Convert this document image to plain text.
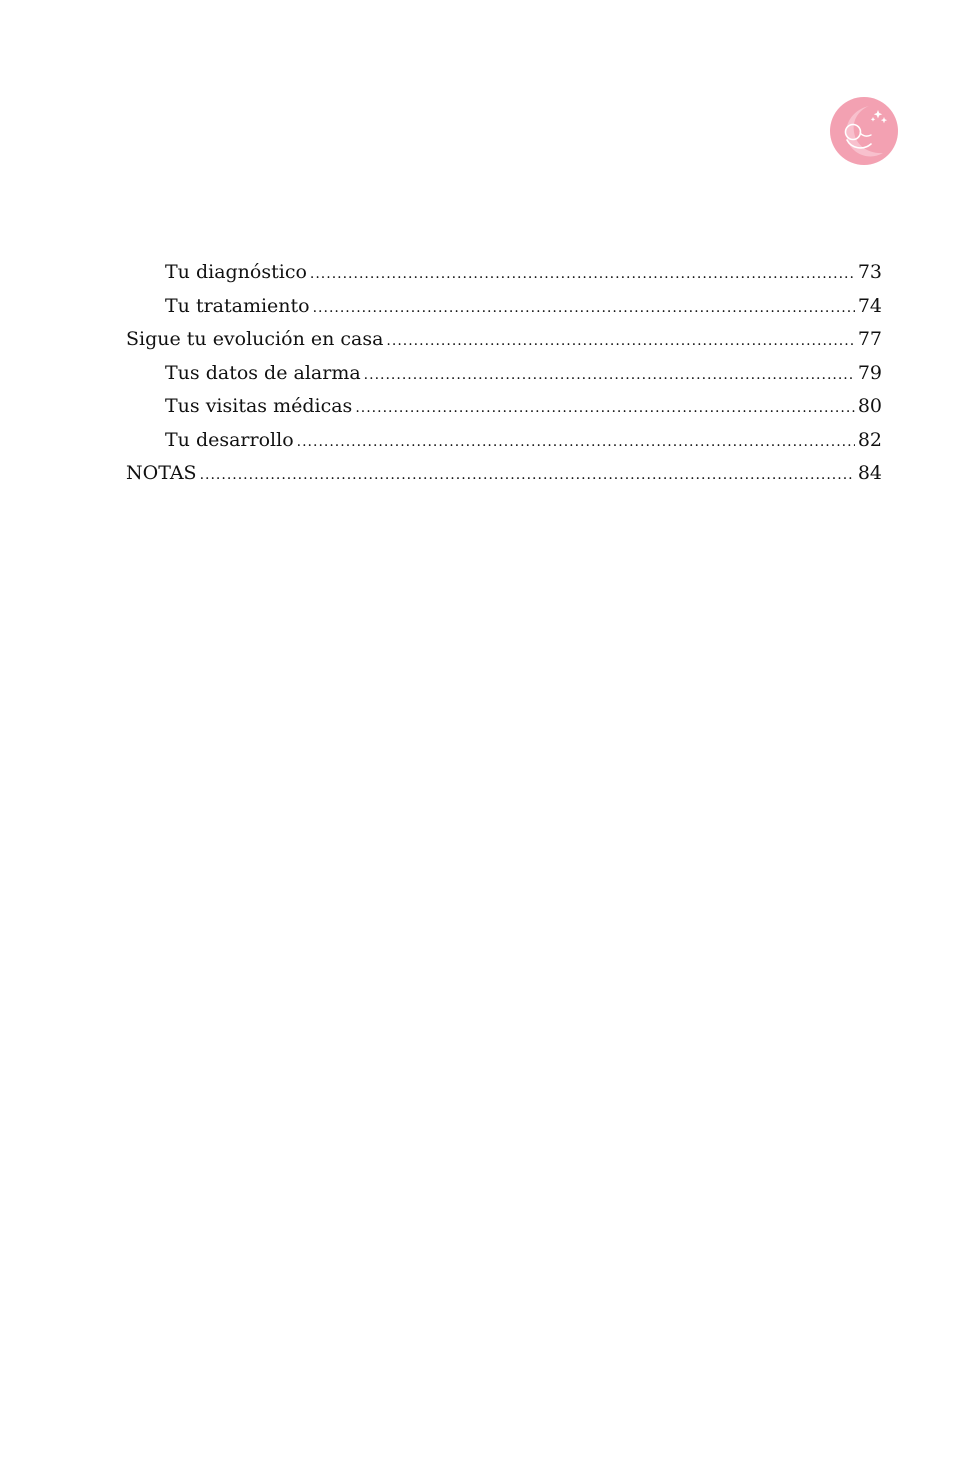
Tu diagnóstico .....	73
Tu tratamiento .....	74
Sigue tu evolución en casa .....	77
Tus datos de alarma .....	79
Tus visitas médicas .....	80
Tu desarrollo .....	82
NOTAS .....	84
